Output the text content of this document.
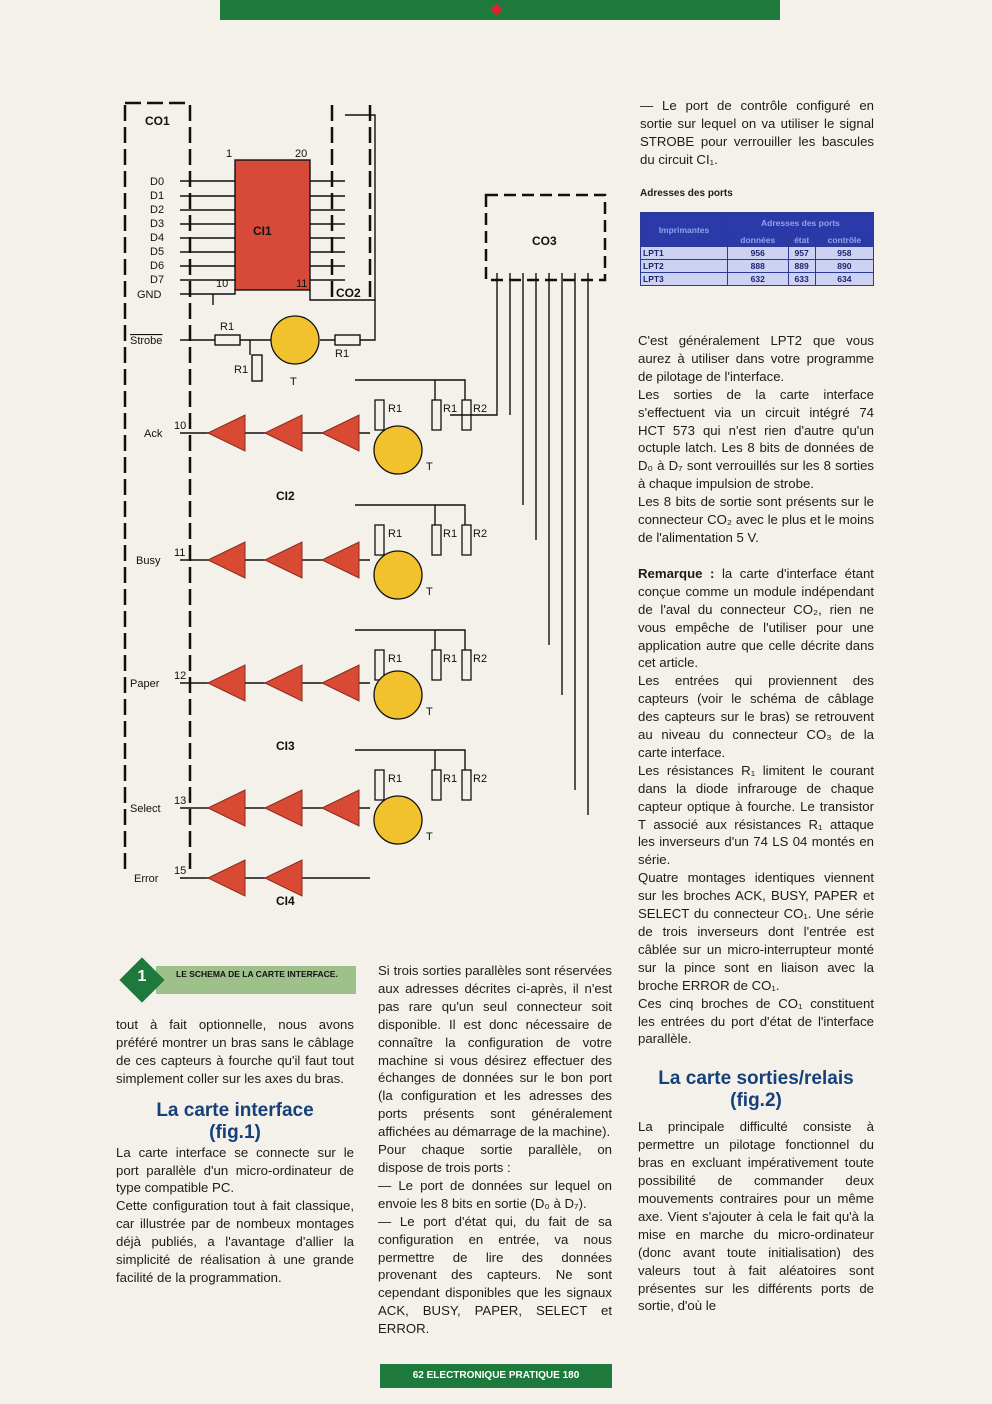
CO1
CO2
CO3
CI1
CI2
CI3
CI4
D0
D1
D2
D3
D4
D5
D6
D7
GND
1	20
10	11
Strobe
R1
R1
R1
T
Ack
10
Busy
11
Paper
12
Select
13
Error
15
R1	R1 R2
T
R1	R1 R2
T
R1	R1 R2
T
R1	R1 R2
T
1	LE SCHEMA DE LA CARTE INTERFACE.

tout à fait optionnelle, nous avons préféré montrer un bras sans le câblage de ces capteurs à fourche qu'il faut tout simplement coller sur les axes du bras.

La carte interface

(fig.1)

La carte interface se connecte sur le port parallèle d'un micro-ordinateur de type compatible PC.

Cette configuration tout à fait classique, car illustrée par de nombeux montages déjà publiés, a l'avantage d'allier la simplicité de réalisation à une grande facilité de la programmation.

Si trois sorties parallèles sont réservées aux adresses décrites ci-après, il n'est pas rare qu'un seul connecteur soit disponible. Il est donc nécessaire de connaître la configuration de votre machine si vous désirez effectuer des échanges de données sur le bon port (la configuration et les adresses des ports présents sont généralement affichées au démarrage de la machine).

Pour chaque sortie parallèle, on dispose de trois ports :

— Le port de données sur lequel on envoie les 8 bits en sortie (D₀ à D₇).

— Le port d'état qui, du fait de sa configuration en entrée, va nous permettre de lire des données provenant des capteurs. Ne sont cependant disponibles que les signaux ACK, BUSY, PAPER, SELECT et ERROR.

— Le port de contrôle configuré en sortie sur lequel on va utiliser le signal STROBE pour verrouiller les bascules du circuit CI₁.

Adresses des ports
Imprimantes	Adresses des ports		
	données	état	contrôle
LPT1	956	957	958
LPT2	888	889	890
LPT3	632	633	634

C'est généralement LPT2 que vous aurez à utiliser dans votre programme de pilotage de l'interface.

Les sorties de la carte interface s'effectuent via un circuit intégré 74 HCT 573 qui n'est rien d'autre qu'un octuple latch. Les 8 bits de données de D₀ à D₇ sont verrouillés sur les 8 sorties à chaque impulsion de strobe.

Les 8 bits de sortie sont présents sur le connecteur CO₂ avec le plus et le moins de l'alimentation 5 V.

Remarque : la carte d'interface étant conçue comme un module indépendant de l'aval du connecteur CO₂, rien ne vous empêche de l'utiliser pour une application autre que celle décrite dans cet article.

Les entrées qui proviennent des capteurs (voir le schéma de câblage des capteurs sur le bras) se retrouvent au niveau du connecteur CO₃ de la carte interface.

Les résistances R₁ limitent le courant dans la diode infrarouge de chaque capteur optique à fourche. Le transistor T associé aux résistances R₁ attaque les inverseurs d'un 74 LS 04 montés en série.

Quatre montages identiques viennent sur les broches ACK, BUSY, PAPER et SELECT du connecteur CO₁. Une série de trois inverseurs dont l'entrée est câblée sur un micro-interrupteur monté sur la pince sont en liaison avec la broche ERROR de CO₁.

Ces cinq broches de CO₁ constituent les entrées du port d'état de l'interface parallèle.

La carte sorties/relais

(fig.2)

La principale difficulté consiste à permettre un pilotage fonctionnel du bras en excluant impérativement toute possibilité de commander deux mouvements contraires pour un même axe. Vient s'ajouter à cela le fait qu'à la mise en marche du micro-ordinateur (donc avant toute initialisation) des valeurs tout à fait aléatoires sont présentes sur les différents ports de sortie, d'où le

62 ELECTRONIQUE PRATIQUE 180
